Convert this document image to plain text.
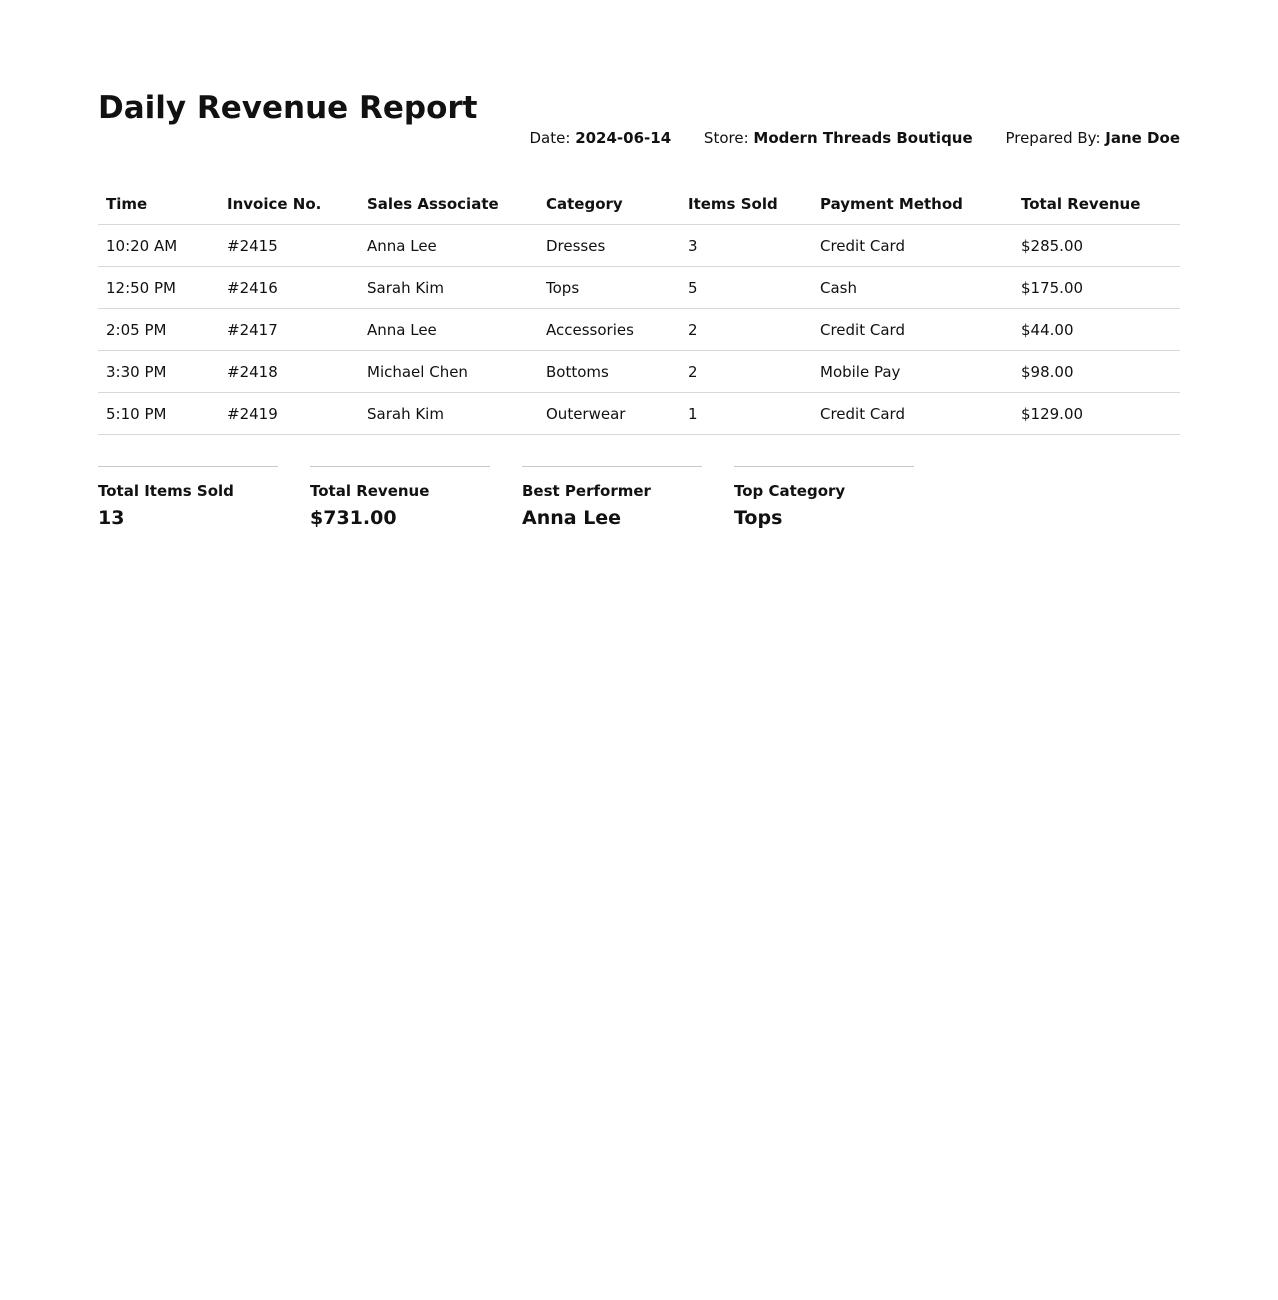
Daily Revenue Report
Date: 2024-06-14 Store: Modern Threads Boutique Prepared By: Jane Doe
Time	Invoice No.	Sales Associate	Category	Items Sold	Payment Method	Total Revenue
10:20 AM	#2415	Anna Lee	Dresses	3	Credit Card	$285.00
12:50 PM	#2416	Sarah Kim	Tops	5	Cash	$175.00
2:05 PM	#2417	Anna Lee	Accessories	2	Credit Card	$44.00
3:30 PM	#2418	Michael Chen	Bottoms	2	Mobile Pay	$98.00
5:10 PM	#2419	Sarah Kim	Outerwear	1	Credit Card	$129.00
Total Items Sold
13
Total Revenue
$731.00
Best Performer
Anna Lee
Top Category
Tops
